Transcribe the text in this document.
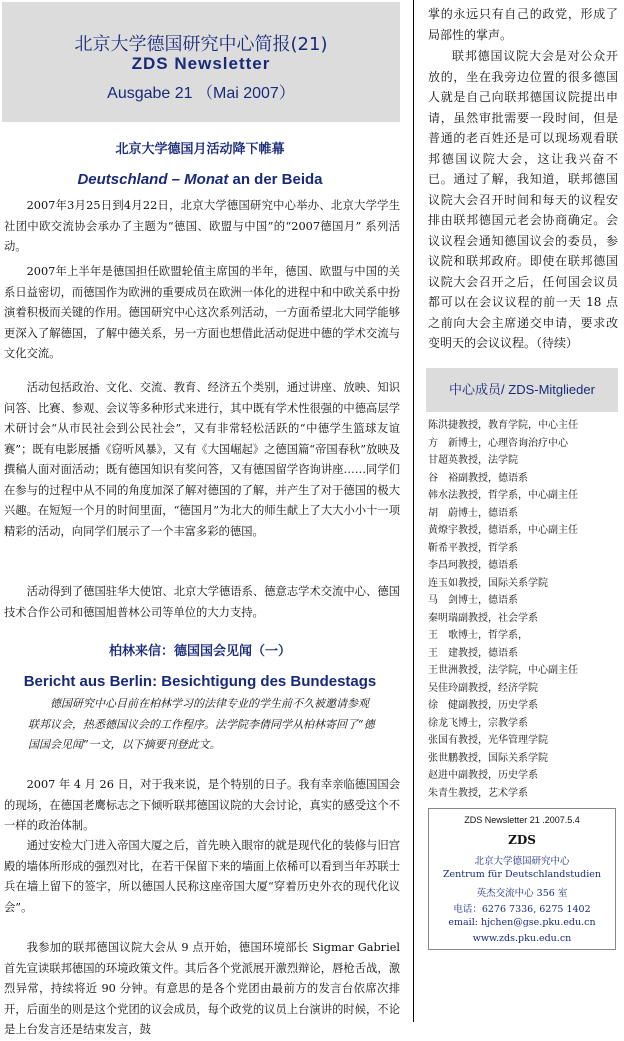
北京大学德国研究中心简报(21)
ZDS Newsletter
Ausgabe 21 （Mai 2007）
北京大学德国月活动降下帷幕
Deutschland – Monat an der Beida

2007年3月25日到4月22日，北京大学德国研究中心举办、北京大学学生社团中欧交流协会承办了主题为“德国、欧盟与中国”的“2007德国月” 系列活动。

2007年上半年是德国担任欧盟轮值主席国的半年，德国、欧盟与中国的关系日益密切，而德国作为欧洲的重要成员在欧洲一体化的进程中和中欧关系中扮演着积极而关键的作用。德国研究中心这次系列活动，一方面希望北大同学能够更深入了解德国，了解中德关系，另一方面也想借此活动促进中德的学术交流与文化交流。

活动包括政治、文化、交流、教育、经济五个类别，通过讲座、放映、知识问答、比赛、参观、会议等多种形式来进行，其中既有学术性很强的中德高层学术研讨会“从市民社会到公民社会”，又有非常轻松活跃的“中德学生篮球友谊赛”；既有电影展播《窃听风暴》，又有《大国崛起》之德国篇“帝国春秋”放映及撰稿人面对面活动；既有德国知识有奖问答，又有德国留学咨询讲座……同学们在参与的过程中从不同的角度加深了解对德国的了解，并产生了对于德国的极大兴趣。在短短一个月的时间里面，“德国月”为北大的师生献上了大大小小十一项精彩的活动，向同学们展示了一个丰富多彩的德国。

活动得到了德国驻华大使馆、北京大学德语系、德意志学术交流中心、德国技术合作公司和德国旭普林公司等单位的大力支持。

柏林来信：德国国会见闻（一）
Bericht aus Berlin: Besichtigung des Bundestags

德国研究中心目前在柏林学习的法律专业的学生前不久被邀请参观联邦议会，热悉德国议会的工作程序。法学院李倩同学从柏林寄回了“德国国会见闻”一文，以下摘要刊登此文。

2007 年 4 月 26 日，对于我来说，是个特别的日子。我有幸亲临德国国会的现场，在德国老鹰标志之下倾听联邦德国议院的大会讨论，真实的感受这个不一样的政治体制。

通过安检大门进入帝国大厦之后，首先映入眼帘的就是现代化的装修与旧宫殿的墙体所形成的强烈对比，在若干保留下来的墙面上依稀可以看到当年苏联士兵在墙上留下的签字，所以德国人民称这座帝国大厦“穿着历史外衣的现代化议会”。

我参加的联邦德国议院大会从 9 点开始，德国环境部长 Sigmar Gabriel 首先宣读联邦德国的环境政策文件。其后各个党派展开激烈辩论，唇枪舌战，激烈异常，持续将近 90 分钟。有意思的是各个党团由最前方的发言台依席次排开，后面坐的则是这个党团的议会成员，每个政党的议员上台演讲的时候，不论是上台发言还是结束发言，鼓

掌的永远只有自己的政党，形成了局部性的掌声。

联邦德国议院大会是对公众开放的，坐在我旁边位置的很多德国人就是自己向联邦德国议院提出申请，虽然审批需要一段时间，但是普通的老百姓还是可以现场观看联邦德国议院大会，这让我兴奋不已。通过了解，我知道，联邦德国议院大会召开时间和每天的议程安排由联邦德国元老会协商确定。会议议程会通知德国议会的委员，参议院和联邦政府。即使在联邦德国议院大会召开之后，任何国会议员都可以在会议议程的前一天 18 点之前向大会主席递交申请，要求改变明天的会议议程。（待续）

中心成员/ ZDS-Mitglieder
陈洪捷教授，教育学院，中心主任
方　新博士，心理咨询治疗中心
甘超英教授，法学院
谷　裕副教授，德语系
韩水法教授，哲学系，中心副主任
胡　蔚博士，德语系
黄燎宇教授，德语系，中心副主任
靳希平教授，哲学系
李昌珂教授，德语系
连玉如教授，国际关系学院
马　剑博士，德语系
秦明瑞副教授，社会学系
王　歌博士，哲学系，
王　建教授，德语系
王世洲教授，法学院，中心副主任
吴佳玲副教授，经济学院
徐　健副教授，历史学系
徐龙飞博士，宗教学系
张国有教授，光华管理学院
张世鹏教授，国际关系学院
赵进中副教授，历史学系
朱青生教授，艺术学系
ZDS Newsletter 21 .2007.5.4
ZDS
北京大学德国研究中心
Zentrum für Deutschlandstudien
英杰交流中心 356 室
电话：6276 7336, 6275 1402
email: hjchen@gse.pku.edu.cn
www.zds.pku.edu.cn
